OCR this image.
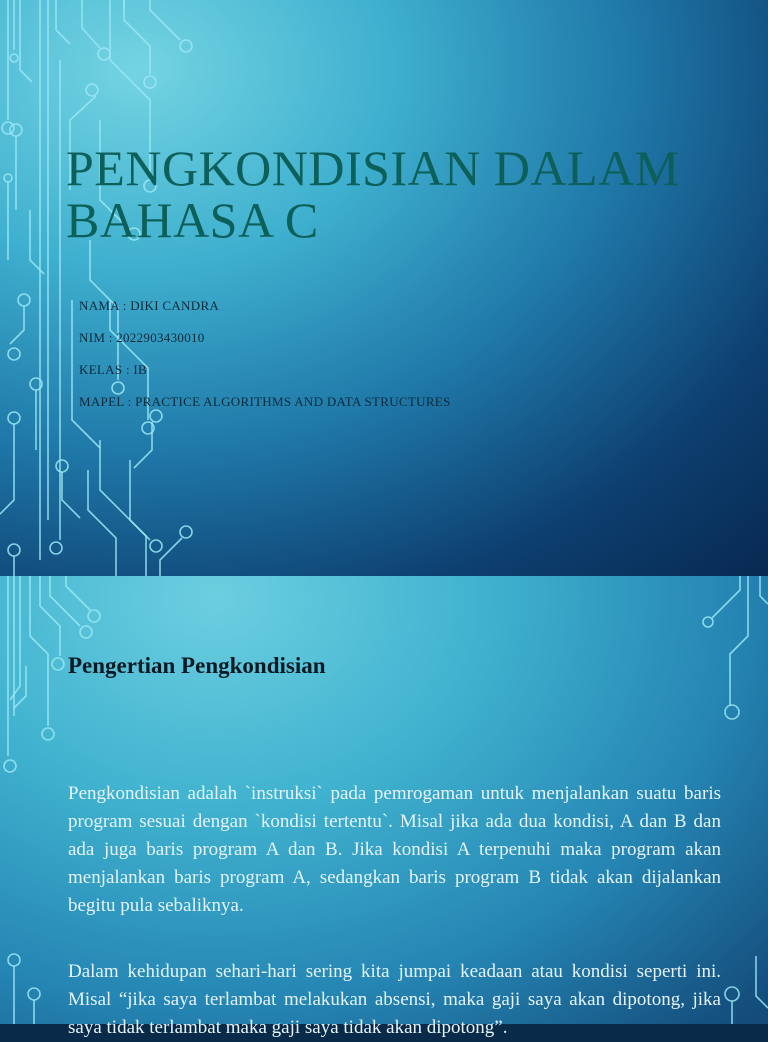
PENGKONDISIAN DALAM
BAHASA C
NAMA : DIKI CANDRA
NIM : 2022903430010
KELAS : IB
MAPEL : PRACTICE ALGORITHMS AND DATA STRUCTURES
Pengertian Pengkondisian

Pengkondisian adalah `instruksi` pada pemrogaman untuk menjalankan suatu baris program sesuai dengan `kondisi tertentu`. Misal jika ada dua kondisi, A dan B dan ada juga baris program A dan B. Jika kondisi A terpenuhi maka program akan menjalankan baris program A, sedangkan baris program B tidak akan dijalankan begitu pula sebaliknya.

Dalam kehidupan sehari-hari sering kita jumpai keadaan atau kondisi seperti ini. Misal “jika saya terlambat melakukan absensi, maka gaji saya akan dipotong, jika saya tidak terlambat maka gaji saya tidak akan dipotong”.
